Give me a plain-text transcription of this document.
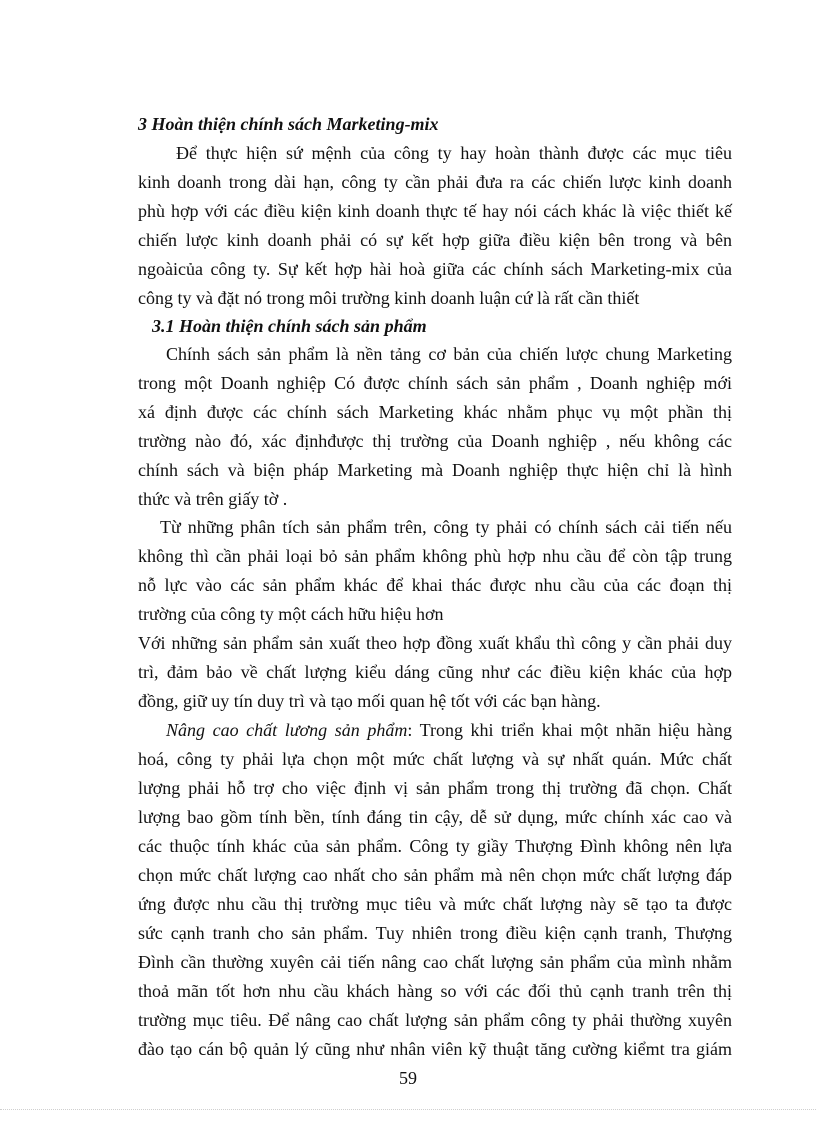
3 Hoàn thiện chính sách Marketing-mix

Để thực hiện sứ mệnh của công ty hay hoàn thành được các mục tiêu

kinh doanh trong dài hạn, công ty cần phải đưa ra các chiến lược kinh doanh

phù hợp với các điều kiện kinh doanh thực tế hay nói cách khác là việc thiết kế

chiến lược kinh doanh phải có sự kết hợp giữa điều kiện bên trong và bên

ngoàicủa công ty. Sự kết hợp hài hoà giữa các chính sách Marketing-mix của

công ty và đặt nó trong môi trường kinh doanh luận cứ là rất cần thiết

3.1 Hoàn thiện chính sách sản phẩm

Chính sách sản phẩm là nền tảng cơ bản của chiến lược chung Marketing

trong một Doanh nghiệp Có được chính sách sản phẩm , Doanh nghiệp mới

xá định được các chính sách Marketing khác nhằm phục vụ một phần thị

trường nào đó, xác địnhđược thị trường của Doanh nghiệp , nếu không các

chính sách và biện pháp Marketing mà Doanh nghiệp thực hiện chỉ là hình

thức và trên giấy tờ .

Từ những phân tích sản phẩm trên, công ty phải có chính sách cải tiến nếu

không thì cần phải loại bỏ sản phẩm không phù hợp nhu cầu để còn tập trung

nỗ lực vào các sản phẩm khác để khai thác được nhu cầu của các đoạn thị

trường của công ty một cách hữu hiệu hơn

Với những sản phẩm sản xuất theo hợp đồng xuất khẩu thì công y cần phải duy

trì, đảm bảo về chất lượng kiểu dáng cũng như các điều kiện khác của hợp

đồng, giữ uy tín duy trì và tạo mối quan hệ tốt với các bạn hàng.

Nâng cao chất lương sản phẩm: Trong khi triển khai một nhãn hiệu hàng

hoá, công ty phải lựa chọn một mức chất lượng và sự nhất quán. Mức chất

lượng phải hỗ trợ cho việc định vị sản phẩm trong thị trường đã chọn. Chất

lượng bao gồm tính bền, tính đáng tin cậy, dễ sử dụng, mức chính xác cao và

các thuộc tính khác của sản phẩm. Công ty giầy Thượng Đình không nên lựa

chọn mức chất lượng cao nhất cho sản phẩm mà nên chọn mức chất lượng đáp

ứng được nhu cầu thị trường mục tiêu và mức chất lượng này sẽ tạo ta được

sức cạnh tranh cho sản phẩm. Tuy nhiên trong điều kiện cạnh tranh, Thượng

Đình cần thường xuyên cải tiến nâng cao chất lượng sản phẩm của mình nhằm

thoả mãn tốt hơn nhu cầu khách hàng so với các đối thủ cạnh tranh trên thị

trường mục tiêu. Để nâng cao chất lượng sản phẩm công ty phải thường xuyên

đào tạo cán bộ quản lý cũng như nhân viên kỹ thuật tăng cường kiểmt tra giám

59
